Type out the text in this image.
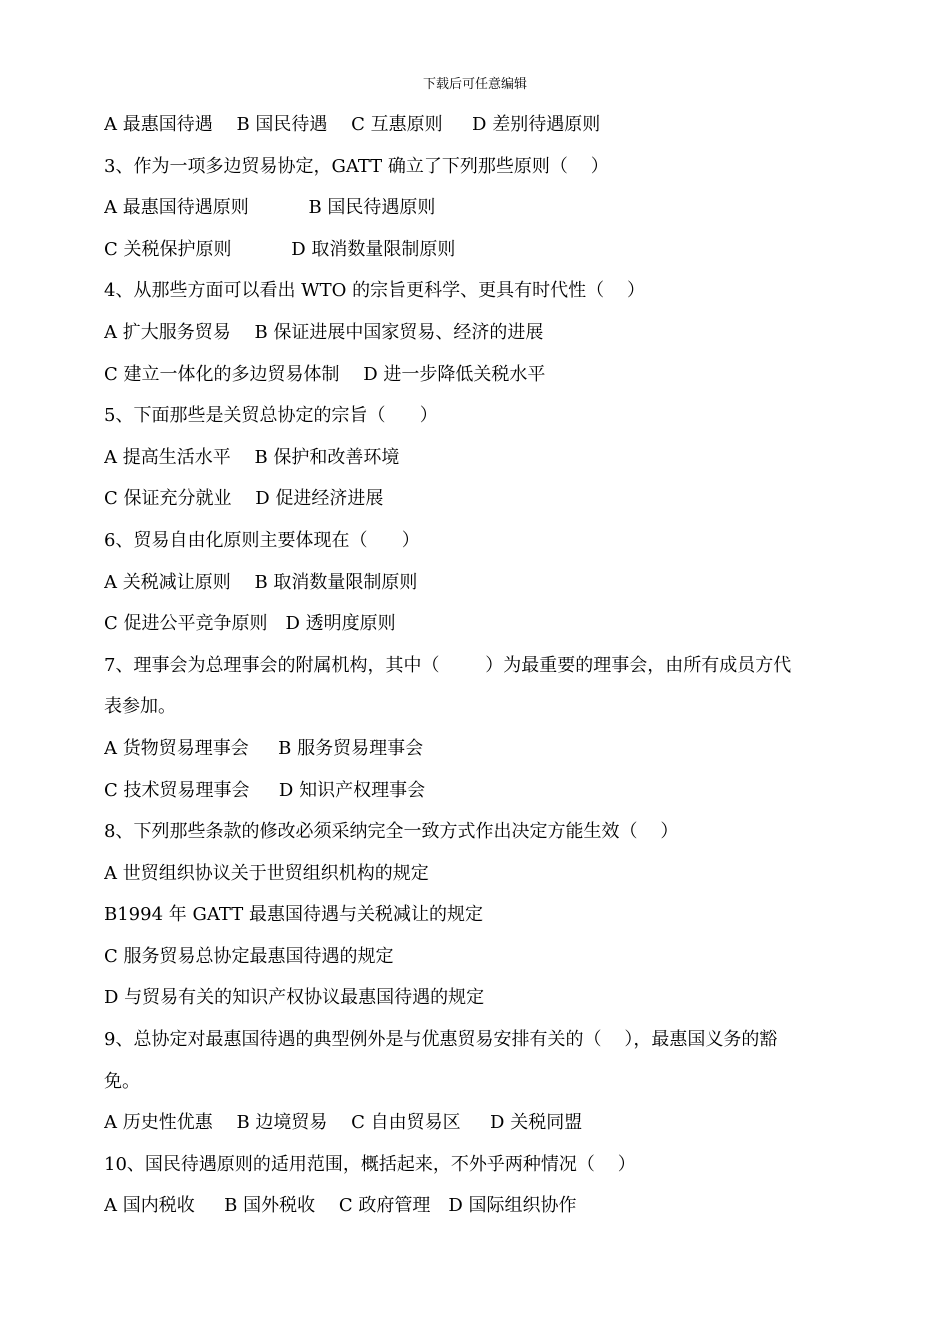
下载后可任意编辑
A 最惠国待遇　 B 国民待遇　 C 互惠原则　  D 差别待遇原则
3、作为一项多边贸易协定，GATT 确立了下列那些原则（    ）
A 最惠国待遇原则　　　 B 国民待遇原则
C 关税保护原则　　　 D 取消数量限制原则
4、从那些方面可以看出 WTO 的宗旨更科学、更具有时代性（    ）
A 扩大服务贸易　 B 保证进展中国家贸易、经济的进展
C 建立一体化的多边贸易体制　 D 进一步降低关税水平
5、下面那些是关贸总协定的宗旨（      ）
A 提高生活水平　 B 保护和改善环境
C 保证充分就业　 D 促进经济进展
6、贸易自由化原则主要体现在（      ）
A 关税减让原则　 B 取消数量限制原则
C 促进公平竞争原则　D 透明度原则
7、理事会为总理事会的附属机构，其中（        ）为最重要的理事会，由所有成员方代
表参加。
A 货物贸易理事会　  B 服务贸易理事会
C 技术贸易理事会　  D 知识产权理事会
8、下列那些条款的修改必须采纳完全一致方式作出决定方能生效（    ）
A 世贸组织协议关于世贸组织机构的规定
B1994 年 GATT 最惠国待遇与关税减让的规定
C 服务贸易总协定最惠国待遇的规定
D 与贸易有关的知识产权协议最惠国待遇的规定
9、总协定对最惠国待遇的典型例外是与优惠贸易安排有关的（    ），最惠国义务的豁
免。
A 历史性优惠　 B 边境贸易　 C 自由贸易区　  D 关税同盟
10、国民待遇原则的适用范围，概括起来，不外乎两种情况（    ）
A 国内税收　  B 国外税收　 C 政府管理　D 国际组织协作
